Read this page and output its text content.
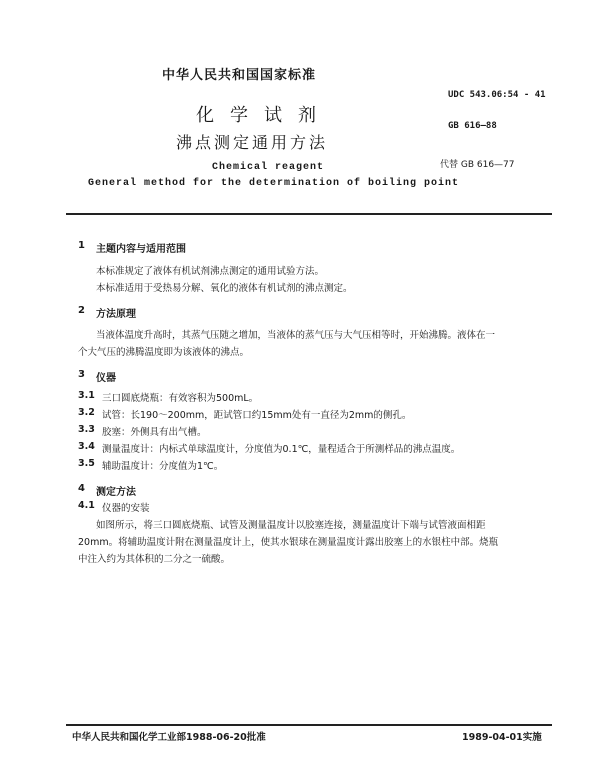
中华人民共和国国家标准
UDC 543.06:54 - 41
化学试剂	GB 616—88
沸点测定通用方法
代替 GB 616—77
Chemical reagent
General method for the determination of boiling point
1 主题内容与适用范围
本标准规定了液体有机试剂沸点测定的通用试验方法。
本标准适用于受热易分解、氧化的液体有机试剂的沸点测定。
2 方法原理
当液体温度升高时，其蒸气压随之增加，当液体的蒸气压与大气压相等时，开始沸腾。液体在一
个大气压的沸腾温度即为该液体的沸点。
3 仪器
3.1 三口圆底烧瓶：有效容积为500mL。
3.2 试管：长190～200mm，距试管口约15mm处有一直径为2mm的侧孔。
3.3 胶塞：外侧具有出气槽。
3.4 测量温度计：内标式单球温度计，分度值为0.1℃，量程适合于所测样品的沸点温度。
3.5 辅助温度计：分度值为1℃。
4 测定方法
4.1 仪器的安装
如图所示，将三口圆底烧瓶、试管及测量温度计以胶塞连接，测量温度计下端与试管液面相距
20mm。将辅助温度计附在测量温度计上，使其水银球在测量温度计露出胶塞上的水银柱中部。烧瓶
中注入约为其体积的二分之一硫酸。
中华人民共和国化学工业部1988-06-20批准	1989-04-01实施
